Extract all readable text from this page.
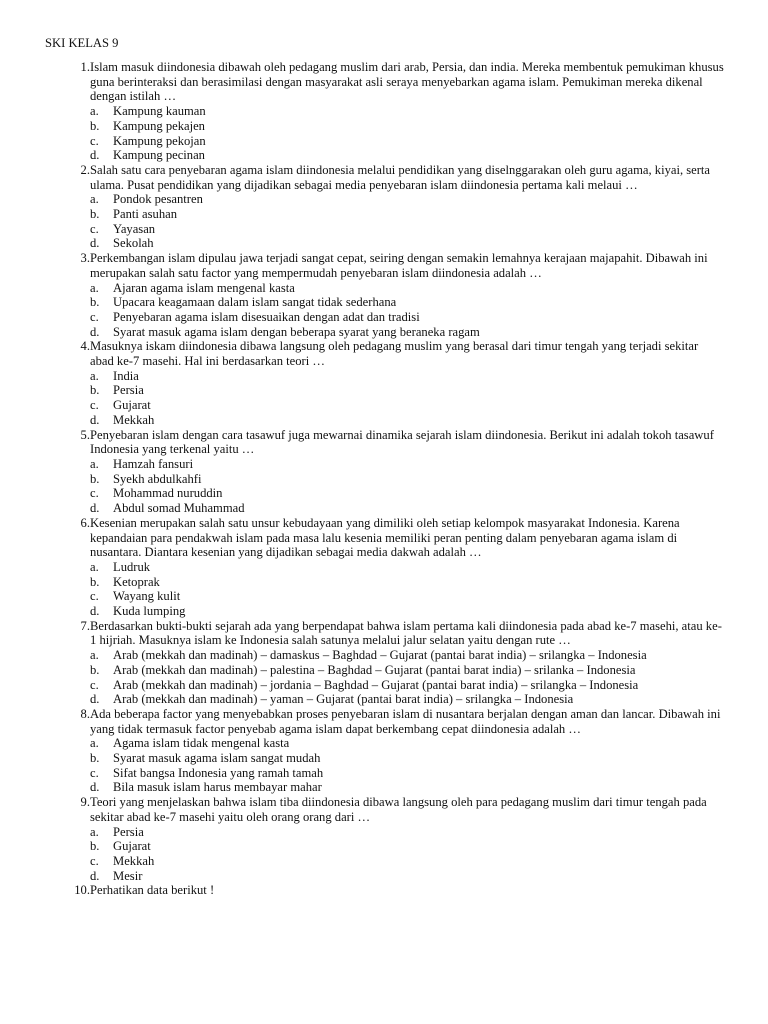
SKI KELAS 9
1. Islam masuk diindonesia dibawah oleh pedagang muslim dari arab, Persia, dan india. Mereka membentuk pemukiman khusus guna berinteraksi dan berasimilasi dengan masyarakat asli seraya menyebarkan agama islam. Pemukiman mereka dikenal dengan istilah …
a.	Kampung kauman
b.	Kampung pekajen
c.	Kampung pekojan
d.	Kampung pecinan
2. Salah satu cara penyebaran agama islam diindonesia melalui pendidikan yang diselnggarakan oleh guru agama, kiyai, serta ulama. Pusat pendidikan yang dijadikan sebagai media penyebaran islam diindonesia pertama kali melaui …
a.	Pondok pesantren
b.	Panti asuhan
c.	Yayasan
d.	Sekolah
3. Perkembangan islam dipulau jawa terjadi sangat cepat, seiring dengan semakin lemahnya kerajaan majapahit. Dibawah ini merupakan salah satu factor yang mempermudah penyebaran islam diindonesia adalah …
a.	Ajaran agama islam mengenal kasta
b.	Upacara keagamaan dalam islam sangat tidak sederhana
c.	Penyebaran agama islam disesuaikan dengan adat dan tradisi
d.	Syarat masuk agama islam dengan beberapa syarat yang beraneka ragam
4. Masuknya iskam diindonesia dibawa langsung oleh pedagang muslim yang berasal dari timur tengah yang terjadi sekitar abad ke-7 masehi. Hal ini berdasarkan teori …
a.	India
b.	Persia
c.	Gujarat
d.	Mekkah
5. Penyebaran islam dengan cara tasawuf juga mewarnai dinamika sejarah islam diindonesia. Berikut ini adalah tokoh tasawuf Indonesia yang terkenal yaitu …
a.	Hamzah fansuri
b.	Syekh abdulkahfi
c.	Mohammad nuruddin
d.	Abdul somad Muhammad
6. Kesenian merupakan salah satu unsur kebudayaan yang dimiliki oleh setiap kelompok masyarakat Indonesia. Karena kepandaian para pendakwah islam pada masa lalu kesenia memiliki peran penting dalam penyebaran agama islam di nusantara. Diantara kesenian yang dijadikan sebagai media dakwah adalah …
a.	Ludruk
b.	Ketoprak
c.	Wayang kulit
d.	Kuda lumping
7. Berdasarkan bukti-bukti sejarah ada yang berpendapat bahwa islam pertama kali diindonesia pada abad ke-7 masehi, atau ke-1 hijriah. Masuknya islam ke Indonesia salah satunya melalui jalur selatan yaitu dengan rute …
a.	Arab (mekkah dan madinah) – damaskus – Baghdad – Gujarat (pantai barat india) – srilangka – Indonesia
b.	Arab (mekkah dan madinah) – palestina – Baghdad – Gujarat (pantai barat india) – srilanka – Indonesia
c.	Arab (mekkah dan madinah) – jordania – Baghdad – Gujarat (pantai barat india) – srilangka – Indonesia
d.	Arab (mekkah dan madinah) – yaman – Gujarat (pantai barat india) – srilangka – Indonesia
8. Ada beberapa factor yang menyebabkan proses penyebaran islam di nusantara berjalan dengan aman dan lancar. Dibawah ini yang tidak termasuk factor penyebab agama islam dapat berkembang cepat diindonesia adalah …
a.	Agama islam tidak mengenal kasta
b.	Syarat masuk agama islam sangat mudah
c.	Sifat bangsa Indonesia yang ramah tamah
d.	Bila masuk islam harus membayar mahar
9. Teori yang menjelaskan bahwa islam tiba diindonesia dibawa langsung oleh para pedagang muslim dari timur tengah pada sekitar abad ke-7 masehi yaitu oleh orang orang dari …
a.	Persia
b.	Gujarat
c.	Mekkah
d.	Mesir
10. Perhatikan data berikut !
